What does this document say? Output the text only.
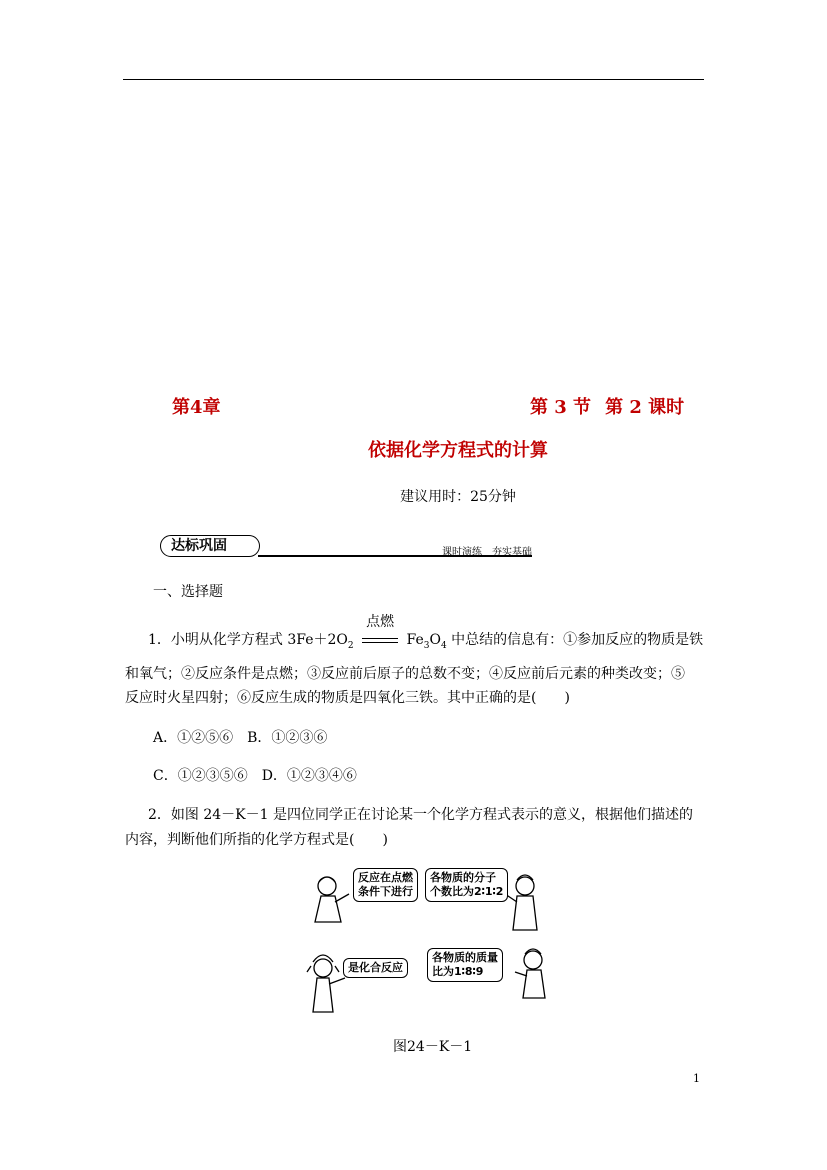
第4章	第 3 节 第 2 课时
依据化学方程式的计算
建议用时：25分钟
达标巩固	课时演练 夯实基础
一、选择题
1．小明从化学方程式 $3Fe+2O_2$
点燃
$Fe_3O_4$ 中总结的信息有：①参加反应的物质是铁
和氧气；②反应条件是点燃；③反应前后原子的总数不变；④反应前后元素的种类改变；⑤
反应时火星四射；⑥反应生成的物质是四氧化三铁。其中正确的是(　　)
A．①②⑤⑥　B．①②③⑥
C．①②③⑤⑥　D．①②③④⑥
2．如图 24－K－1 是四位同学正在讨论某一个化学方程式表示的意义，根据他们描述的
内容，判断他们所指的化学方程式是(　　)
反应在点燃
条件下进行
各物质的分子
个数比为2∶1∶2
是化合反应
各物质的质量
比为1∶8∶9
图24－K－1
1
